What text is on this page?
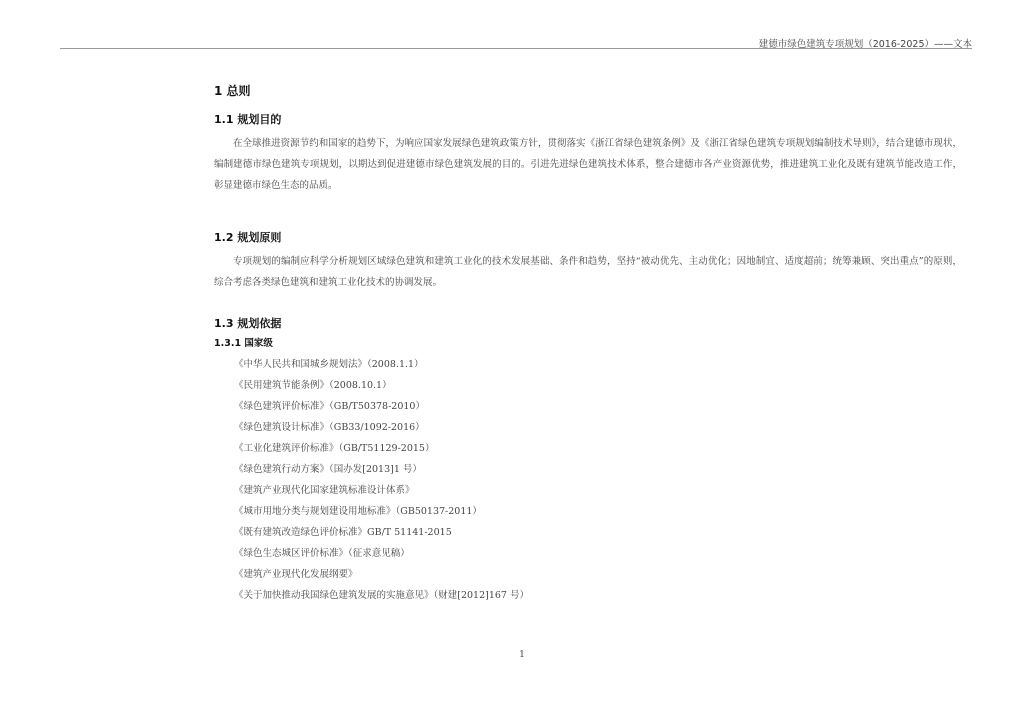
建德市绿色建筑专项规划（2016-2025）——文本
1 总则
1.1 规划目的

在全球推进资源节约和国家的趋势下，为响应国家发展绿色建筑政策方针，贯彻落实《浙江省绿色建筑条例》及《浙江省绿色建筑专项规划编制技术导则》，结合建德市现状，编制建德市绿色建筑专项规划，以期达到促进建德市绿色建筑发展的目的。引进先进绿色建筑技术体系，整合建德市各产业资源优势，推进建筑工业化及既有建筑节能改造工作，彰显建德市绿色生态的品质。

1.2 规划原则

专项规划的编制应科学分析规划区域绿色建筑和建筑工业化的技术发展基础、条件和趋势，坚持“被动优先、主动优化；因地制宜、适度超前；统筹兼顾、突出重点”的原则，综合考虑各类绿色建筑和建筑工业化技术的协调发展。

1.3 规划依据
1.3.1 国家级
《中华人民共和国城乡规划法》（2008.1.1）
《民用建筑节能条例》（2008.10.1）
《绿色建筑评价标准》（GB/T50378-2010）
《绿色建筑设计标准》（GB33/1092-2016）
《工业化建筑评价标准》（GB/T51129-2015）
《绿色建筑行动方案》（国办发[2013]1 号）
《建筑产业现代化国家建筑标准设计体系》
《城市用地分类与规划建设用地标准》（GB50137-2011）
《既有建筑改造绿色评价标准》GB/T 51141-2015
《绿色生态城区评价标准》（征求意见稿）
《建筑产业现代化发展纲要》
《关于加快推动我国绿色建筑发展的实施意见》（财建[2012]167 号）
1
